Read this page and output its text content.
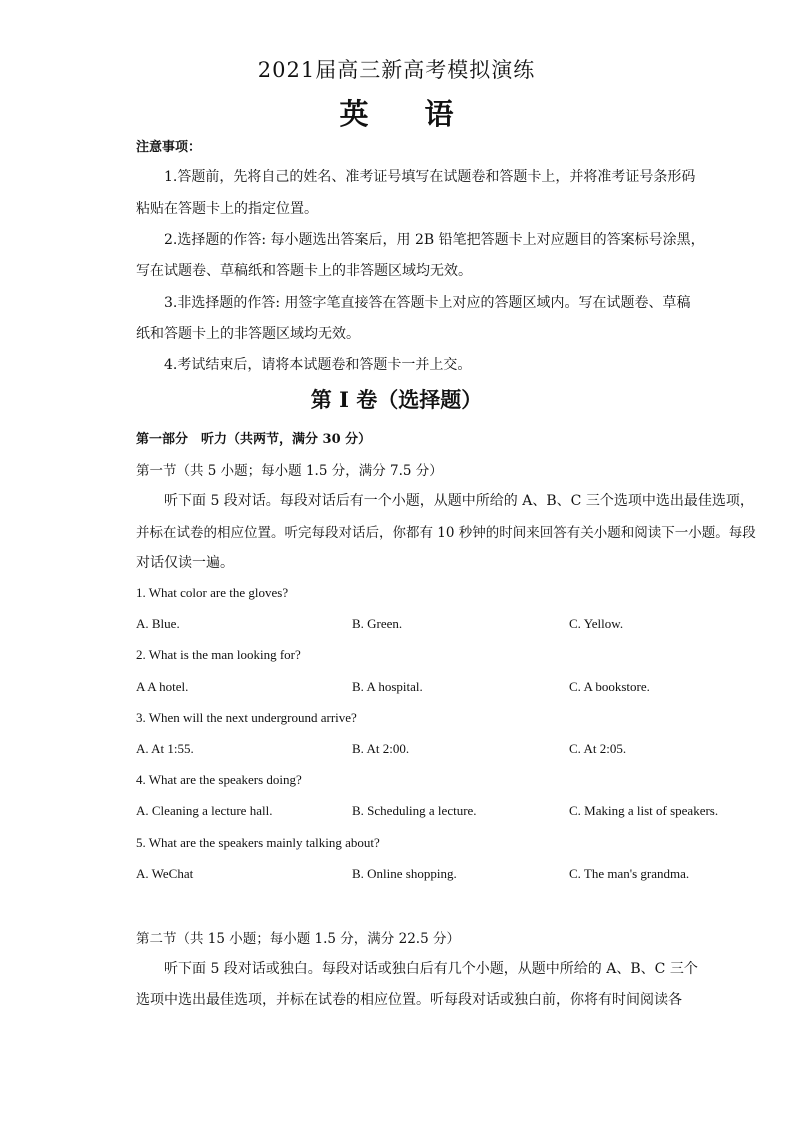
2021届高三新高考模拟演练
英 语
注意事项：
1.答题前，先将自己的姓名、准考证号填写在试题卷和答题卡上，并将准考证号条形码
粘贴在答题卡上的指定位置。
2.选择题的作答: 每小题选出答案后，用 2B 铅笔把答题卡上对应题目的答案标号涂黑，
写在试题卷、草稿纸和答题卡上的非答题区域均无效。
3.非选择题的作答: 用签字笔直接答在答题卡上对应的答题区域内。写在试题卷、草稿
纸和答题卡上的非答题区域均无效。
4.考试结束后，请将本试题卷和答题卡一并上交。
第 I 卷（选择题）
第一部分　听力（共两节，满分 30 分）
第一节（共 5 小题；每小题 1.5 分，满分 7.5 分）
听下面 5 段对话。每段对话后有一个小题，从题中所给的 A、B、C 三个选项中选出最佳选项，
并标在试卷的相应位置。听完每段对话后，你都有 10 秒钟的时间来回答有关小题和阅读下一小题。每段
对话仅读一遍。
1. What color are the gloves?
A. Blue.	B. Green.	C. Yellow.
2. What is the man looking for?
A A hotel.	B. A hospital.	C. A bookstore.
3. When will the next underground arrive?
A. At 1:55.	B. At 2:00.	C. At 2:05.
4. What are the speakers doing?
A. Cleaning a lecture hall.	B. Scheduling a lecture.	C. Making a list of speakers.
5. What are the speakers mainly talking about?
A. WeChat	B. Online shopping.	C. The man's grandma.
第二节（共 15 小题；每小题 1.5 分，满分 22.5 分）
听下面 5 段对话或独白。每段对话或独白后有几个小题，从题中所给的 A、B、C 三个
选项中选出最佳选项，并标在试卷的相应位置。听每段对话或独白前，你将有时间阅读各
